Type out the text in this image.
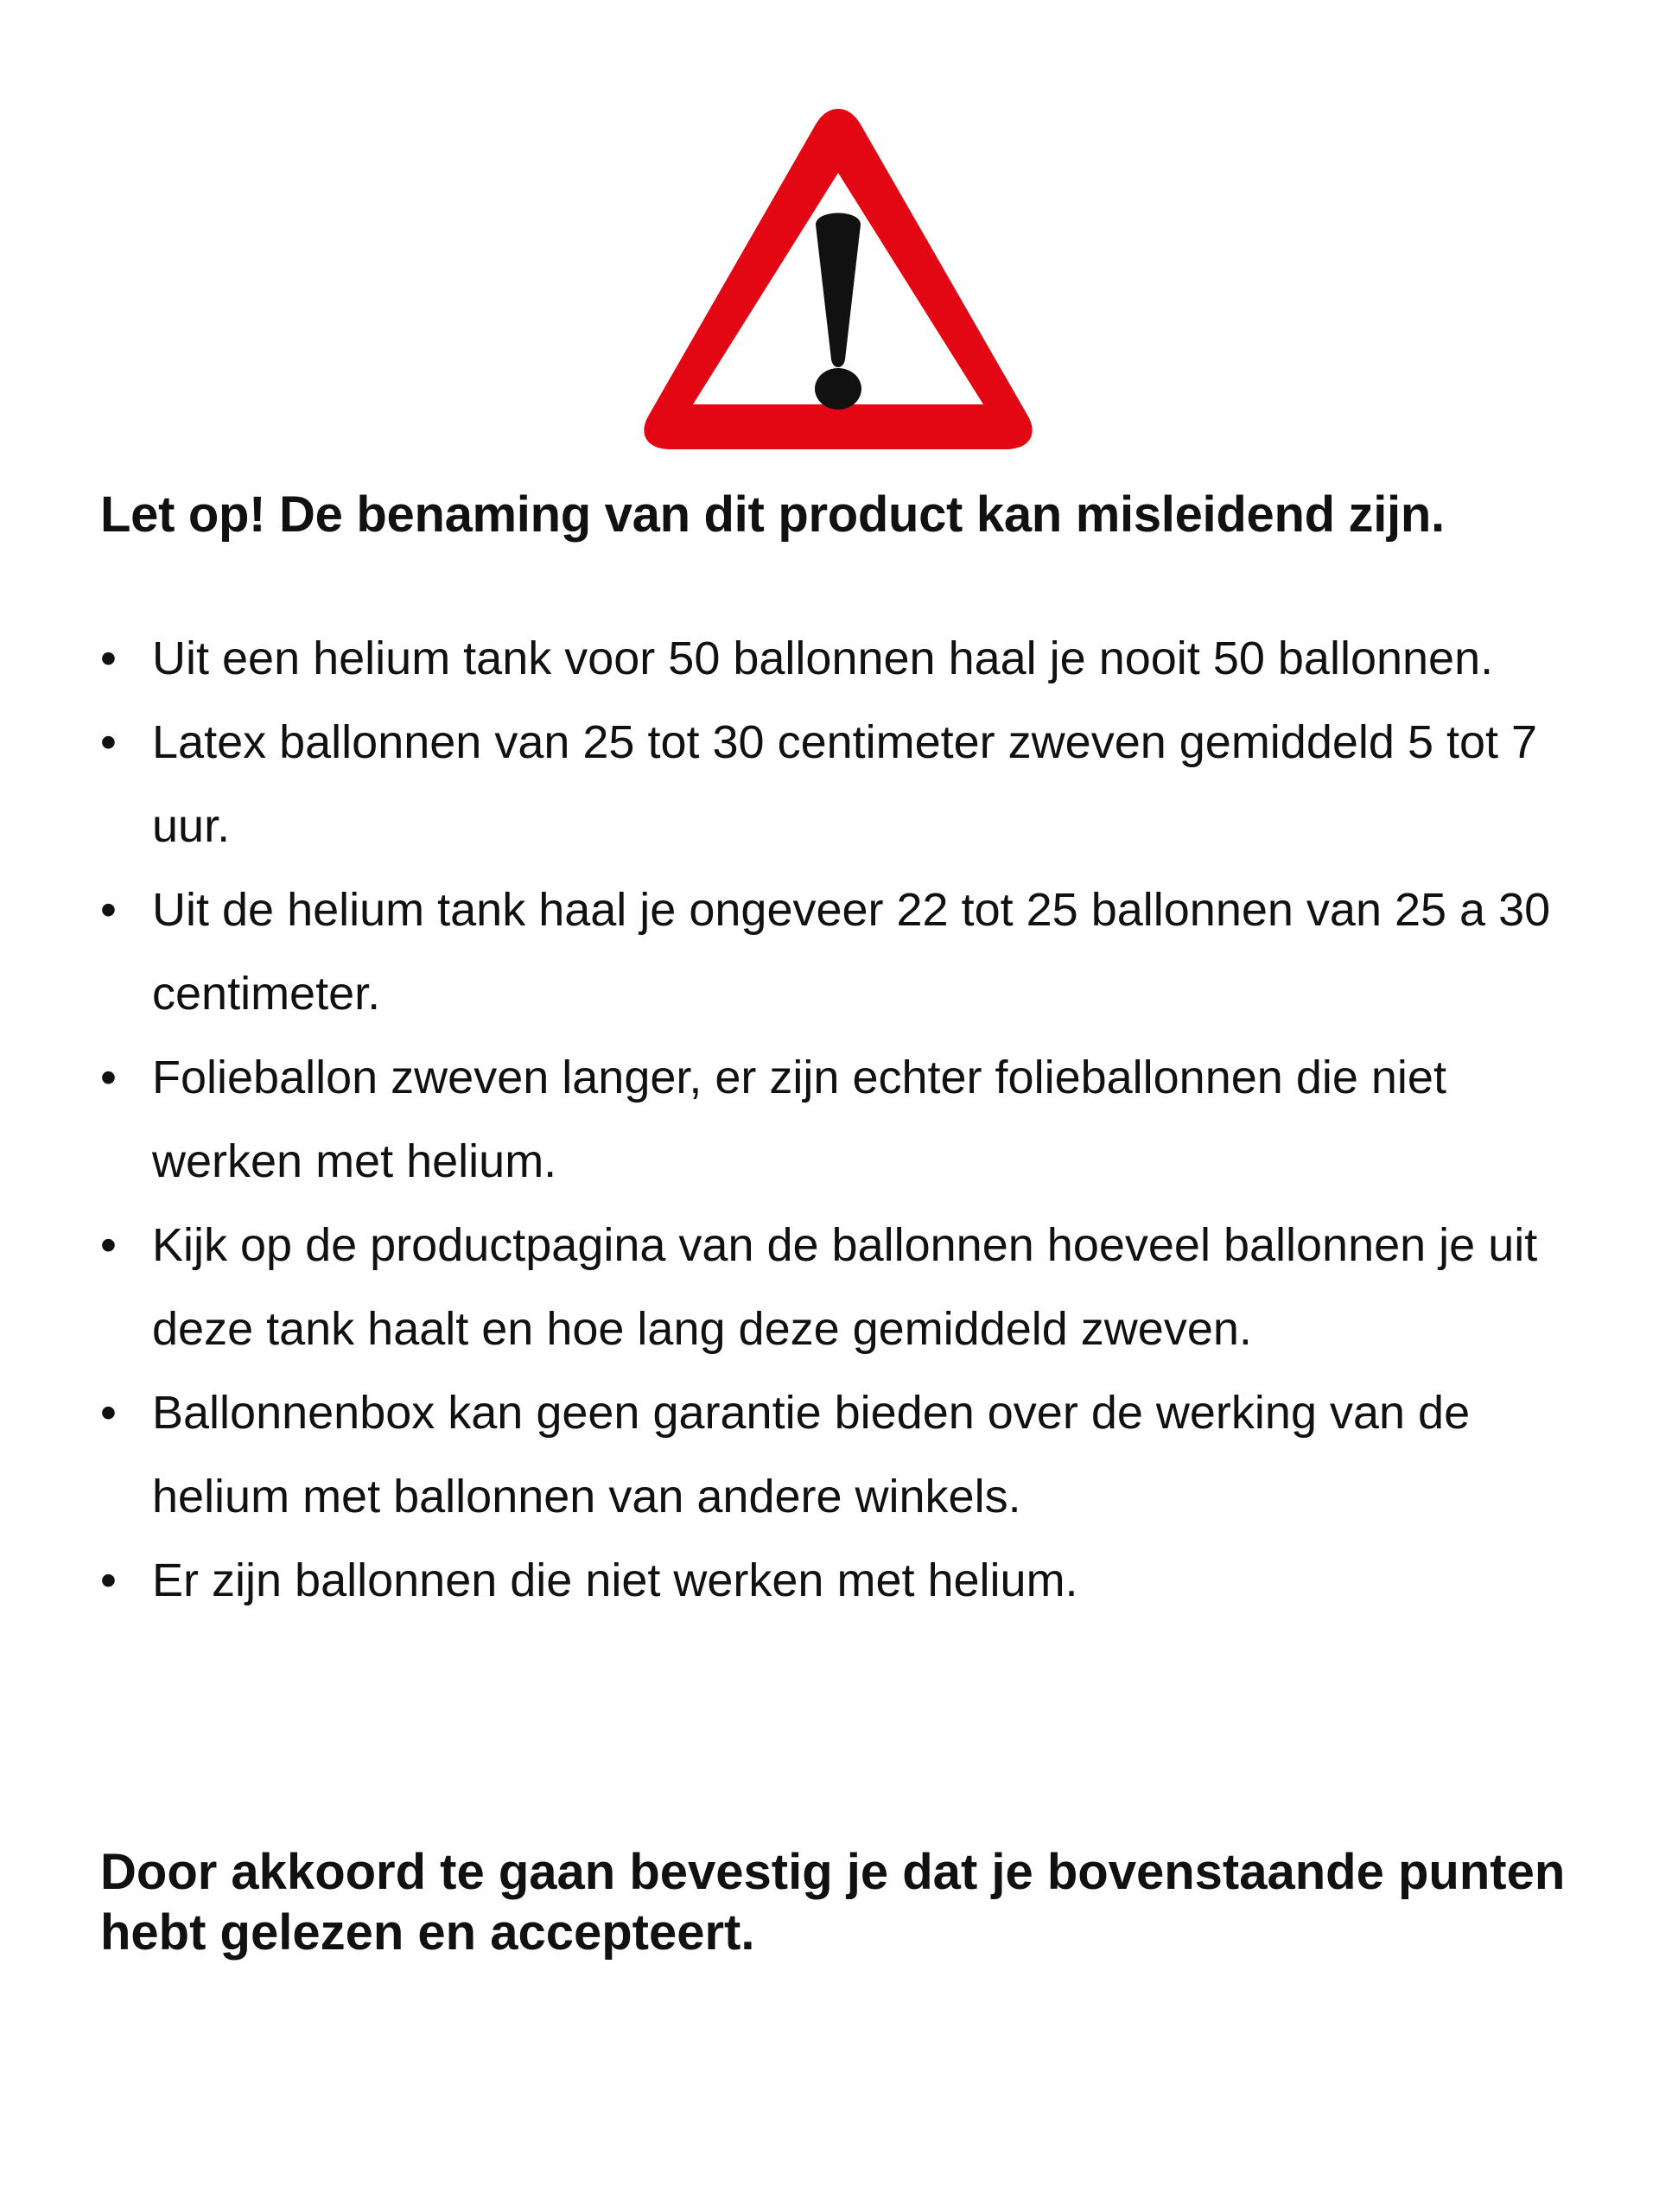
Let op! De benaming van dit product kan misleidend zijn.
• Uit een helium tank voor 50 ballonnen haal je nooit 50 ballonnen.
• Latex ballonnen van 25 tot 30 centimeter zweven gemiddeld 5 tot 7 uur.
• Uit de helium tank haal je ongeveer 22 tot 25 ballonnen van 25 a 30 centimeter.
• Folieballon zweven langer, er zijn echter folieballonnen die niet werken met helium.
• Kijk op de productpagina van de ballonnen hoeveel ballonnen je uit deze tank haalt en hoe lang deze gemiddeld zweven.
• Ballonnenbox kan geen garantie bieden over de werking van de helium met ballonnen van andere winkels.
• Er zijn ballonnen die niet werken met helium.

Door akkoord te gaan bevestig je dat je bovenstaande punten hebt gelezen en accepteert.
